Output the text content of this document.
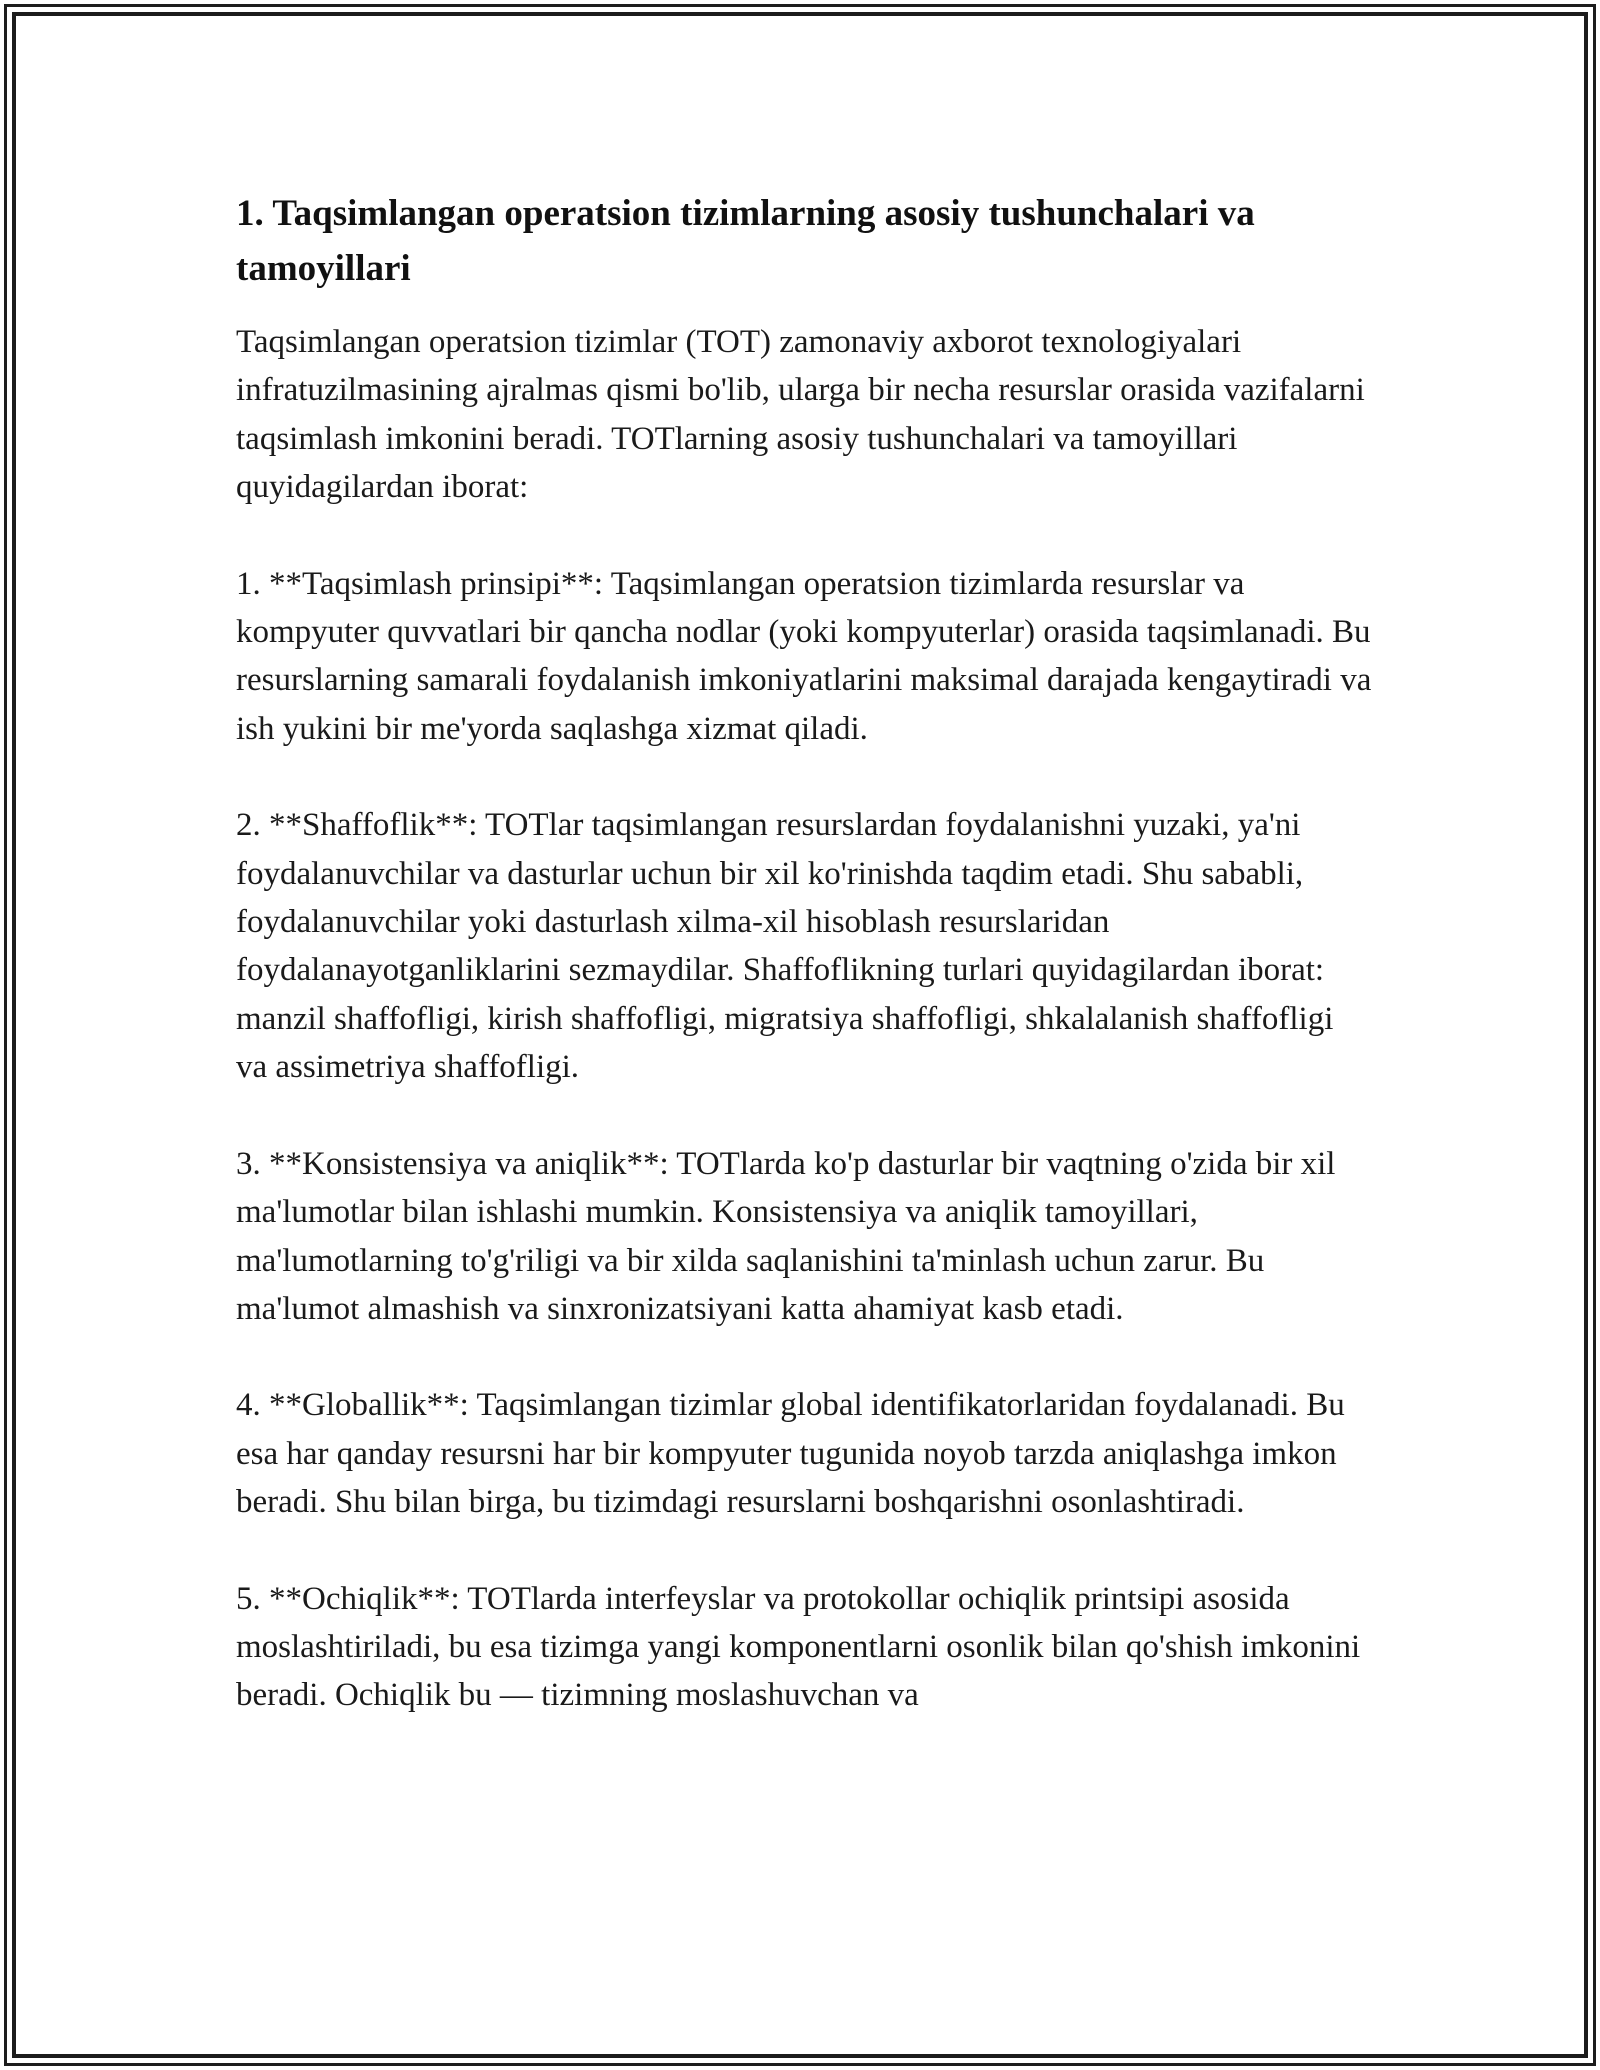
1. Taqsimlangan operatsion tizimlarning asosiy tushunchalari va tamoyillari

Taqsimlangan operatsion tizimlar (TOT) zamonaviy axborot texnologiyalari infratuzilmasining ajralmas qismi bo'lib, ularga bir necha resurslar orasida vazifalarni taqsimlash imkonini beradi. TOTlarning asosiy tushunchalari va tamoyillari quyidagilardan iborat:

1. **Taqsimlash prinsipi**: Taqsimlangan operatsion tizimlarda resurslar va kompyuter quvvatlari bir qancha nodlar (yoki kompyuterlar) orasida taqsimlanadi. Bu resurslarning samarali foydalanish imkoniyatlarini maksimal darajada kengaytiradi va ish yukini bir me'yorda saqlashga xizmat qiladi.

2. **Shaffoflik**: TOTlar taqsimlangan resurslardan foydalanishni yuzaki, ya'ni foydalanuvchilar va dasturlar uchun bir xil ko'rinishda taqdim etadi. Shu sababli, foydalanuvchilar yoki dasturlash xilma-xil hisoblash resurslaridan foydalanayotganliklarini sezmaydilar. Shaffoflikning turlari quyidagilardan iborat: manzil shaffofligi, kirish shaffofligi, migratsiya shaffofligi, shkalalanish shaffofligi va assimetriya shaffofligi.

3. **Konsistensiya va aniqlik**: TOTlarda ko'p dasturlar bir vaqtning o'zida bir xil ma'lumotlar bilan ishlashi mumkin. Konsistensiya va aniqlik tamoyillari, ma'lumotlarning to'g'riligi va bir xilda saqlanishini ta'minlash uchun zarur. Bu ma'lumot almashish va sinxronizatsiyani katta ahamiyat kasb etadi.

4. **Globallik**: Taqsimlangan tizimlar global identifikatorlaridan foydalanadi. Bu esa har qanday resursni har bir kompyuter tugunida noyob tarzda aniqlashga imkon beradi. Shu bilan birga, bu tizimdagi resurslarni boshqarishni osonlashtiradi.

5. **Ochiqlik**: TOTlarda interfeyslar va protokollar ochiqlik printsipi asosida moslashtiriladi, bu esa tizimga yangi komponentlarni osonlik bilan qo'shish imkonini beradi. Ochiqlik bu — tizimning moslashuvchan va
